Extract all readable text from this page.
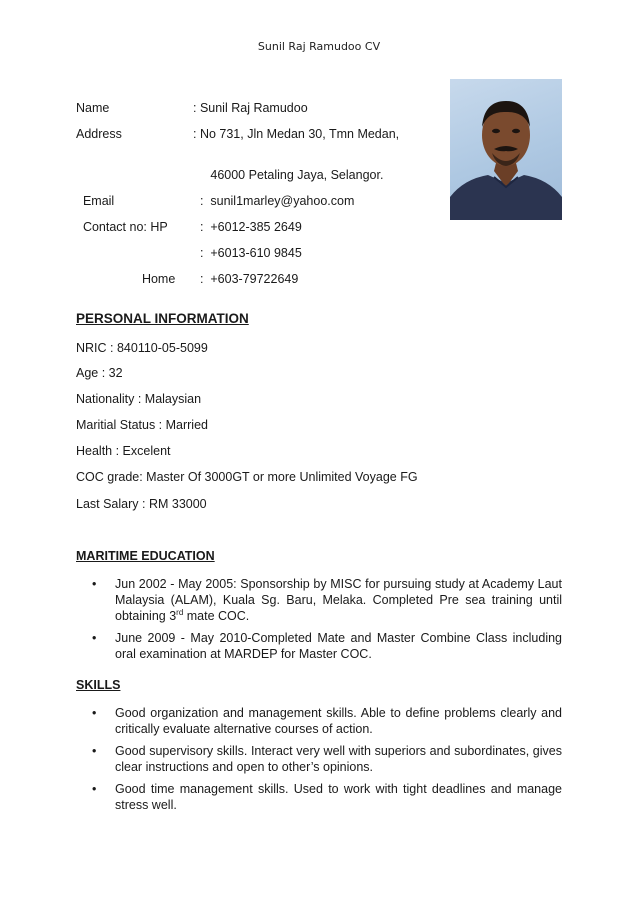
Sunil Raj Ramudoo CV
Name	: Sunil Raj Ramudoo
Address	: No 731, Jln Medan 30, Tmn Medan,

46000 Petaling Jaya, Selangor.

Email	:  sunil1marley@yahoo.com

Contact no: HP	:  +6012-385 2649

:  +6013-610 9845

Home :  +603-79722649

PERSONAL INFORMATION
NRIC : 840110-05-5099
Age : 32
Nationality : Malaysian
Maritial Status : Married
Health : Excelent
COC grade: Master Of 3000GT or more Unlimited Voyage FG
Last Salary : RM 33000
MARITIME EDUCATION
• Jun 2002 - May 2005: Sponsorship by MISC for pursuing study at Academy Laut Malaysia (ALAM), Kuala Sg. Baru, Melaka. Completed Pre sea training until obtaining 3rd mate COC.
• June 2009 - May 2010-Completed Mate and Master Combine Class including oral examination at MARDEP for Master COC.
SKILLS
• Good organization and management skills. Able to define problems clearly and critically evaluate alternative courses of action.
• Good supervisory skills. Interact very well with superiors and subordinates, gives clear instructions and open to other’s opinions.
• Good time management skills. Used to work with tight deadlines and manage stress well.
